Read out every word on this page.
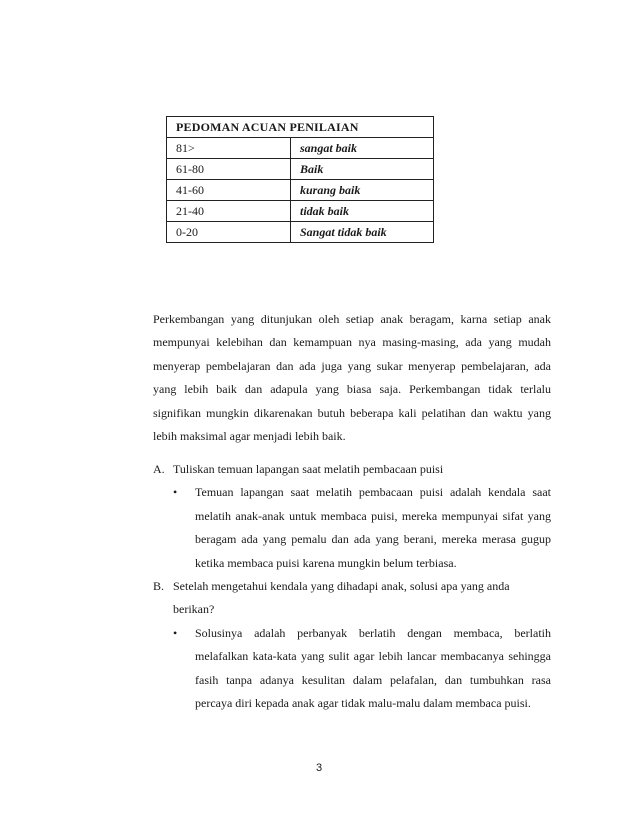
PEDOMAN ACUAN PENILAIAN	
81>	sangat baik
61-80	Baik
41-60	kurang baik
21-40	tidak baik
0-20	Sangat tidak baik

Perkembangan yang ditunjukan oleh setiap anak beragam, karna setiap anak mempunyai kelebihan dan kemampuan nya masing-masing, ada yang mudah menyerap pembelajaran dan ada juga yang sukar menyerap pembelajaran, ada yang lebih baik dan adapula yang biasa saja. Perkembangan tidak terlalu signifikan mungkin dikarenakan butuh beberapa kali pelatihan dan waktu yang lebih maksimal agar menjadi lebih baik.

A. Tuliskan temuan lapangan saat melatih pembacaan puisi
•	Temuan lapangan saat melatih pembacaan puisi adalah kendala saat melatih anak-anak untuk membaca puisi, mereka mempunyai sifat yang beragam ada yang pemalu dan ada yang berani, mereka merasa gugup ketika membaca puisi karena mungkin belum terbiasa.
B. Setelah mengetahui kendala yang dihadapi anak, solusi apa yang anda berikan?
•	Solusinya adalah perbanyak berlatih dengan membaca, berlatih melafalkan kata-kata yang sulit agar lebih lancar membacanya sehingga fasih tanpa adanya kesulitan dalam pelafalan, dan tumbuhkan rasa percaya diri kepada anak agar tidak malu-malu dalam membaca puisi.
3
